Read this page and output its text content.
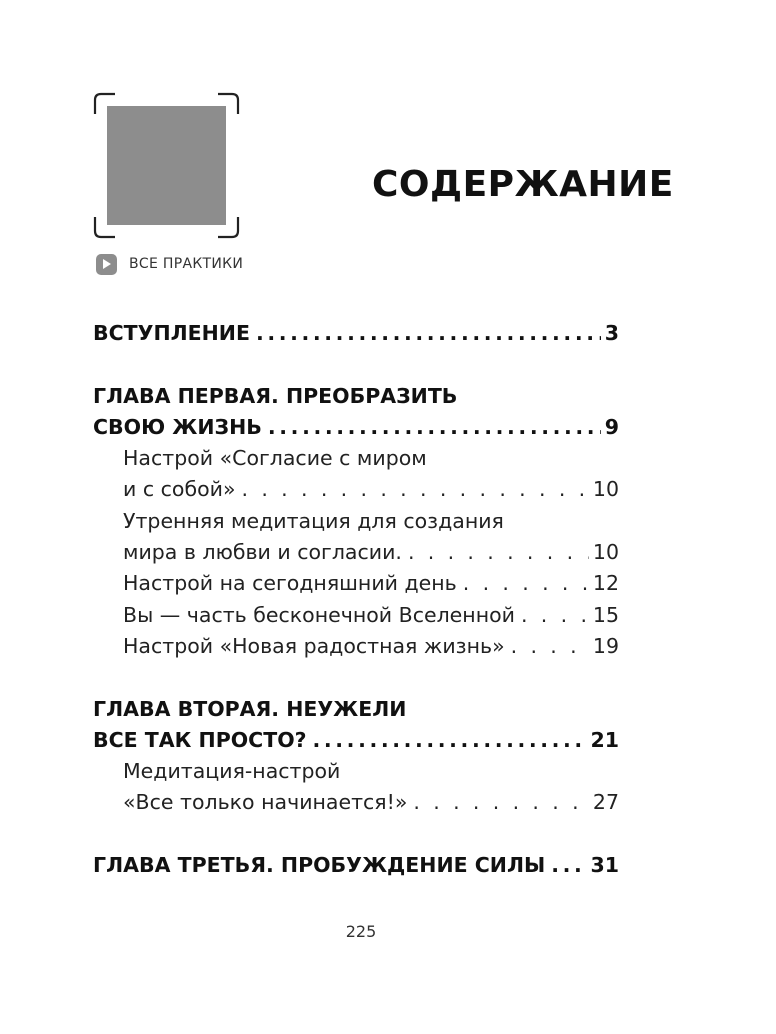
ВСЕ ПРАКТИКИ
СОДЕРЖАНИЕ
ВСТУПЛЕНИЕ .....	3
ГЛАВА ПЕРВАЯ. ПРЕОБРАЗИТЬ
СВОЮ ЖИЗНЬ .....	9
Настрой «Согласие с миром
и с собой» . . .	10
Утренняя медитация для создания
мира в любви и согласии. . . .	10
Настрой на сегодняшний день . . .	12
Вы — часть бесконечной Вселенной . . .	15
Настрой «Новая радостная жизнь» . . .	19
ГЛАВА ВТОРАЯ. НЕУЖЕЛИ
ВСЕ ТАК ПРОСТО? .....	21
Медитация-настрой
«Все только начинается!» . . .	27
ГЛАВА ТРЕТЬЯ. ПРОБУЖДЕНИЕ СИЛЫ ..... 31
225
